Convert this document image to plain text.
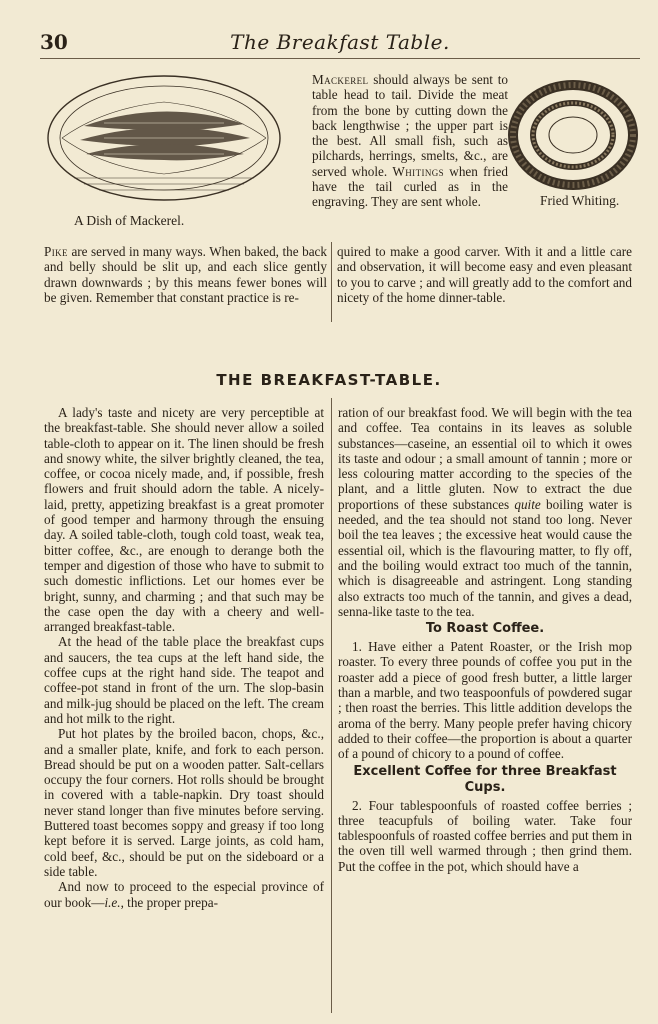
30	The Breakfast Table.
A Dish of Mackerel.
Fried Whiting.
Mackerel should always be sent to table head to tail. Divide the meat from the bone by cutting down the back lengthwise ; the upper part is the best. All small fish, such as pilchards, herrings, smelts, &c., are served whole. Whitings when fried have the tail curled as in the engraving. They are sent whole.
Pike are served in many ways. When baked, the back and belly should be slit up, and each slice gently drawn downwards ; by this means fewer bones will be given. Remember that constant practice is re-
quired to make a good carver. With it and a little care and observation, it will become easy and even pleasant to you to carve ; and will greatly add to the comfort and nicety of the home dinner-table.
THE BREAKFAST-TABLE.

A lady's taste and nicety are very perceptible at the breakfast-table. She should never allow a soiled table-cloth to appear on it. The linen should be fresh and snowy white, the silver brightly cleaned, the tea, coffee, or cocoa nicely made, and, if possible, fresh flowers and fruit should adorn the table. A nicely-laid, pretty, appetizing breakfast is a great promoter of good temper and harmony through the ensuing day. A soiled table-cloth, tough cold toast, weak tea, bitter coffee, &c., are enough to derange both the temper and digestion of those who have to submit to such domestic inflictions. Let our homes ever be bright, sunny, and charming ; and that such may be the case open the day with a cheery and well-arranged breakfast-table.

At the head of the table place the breakfast cups and saucers, the tea cups at the left hand side, the coffee cups at the right hand side. The teapot and coffee-pot stand in front of the urn. The slop-basin and milk-jug should be placed on the left. The cream and hot milk to the right.

Put hot plates by the broiled bacon, chops, &c., and a smaller plate, knife, and fork to each person. Bread should be put on a wooden patter. Salt-cellars occupy the four corners. Hot rolls should be brought in covered with a table-napkin. Dry toast should never stand longer than five minutes before serving. Buttered toast becomes soppy and greasy if too long kept before it is served. Large joints, as cold ham, cold beef, &c., should be put on the sideboard or a side table.

And now to proceed to the especial province of our book—i.e., the proper prepa-

ration of our breakfast food. We will begin with the tea and coffee. Tea contains in its leaves as soluble substances—caseine, an essential oil to which it owes its taste and odour ; a small amount of tannin ; more or less colouring matter according to the species of the plant, and a little gluten. Now to extract the due proportions of these substances quite boiling water is needed, and the tea should not stand too long. Never boil the tea leaves ; the excessive heat would cause the essential oil, which is the flavouring matter, to fly off, and the boiling would extract too much of the tannin, which is disagreeable and astringent. Long standing also extracts too much of the tannin, and gives a dead, senna-like taste to the tea.

To Roast Coffee.

1. Have either a Patent Roaster, or the Irish mop roaster. To every three pounds of coffee you put in the roaster add a piece of good fresh butter, a little larger than a marble, and two teaspoonfuls of powdered sugar ; then roast the berries. This little addition develops the aroma of the berry. Many people prefer having chicory added to their coffee—the proportion is about a quarter of a pound of chicory to a pound of coffee.

Excellent Coffee for three Breakfast Cups.

2. Four tablespoonfuls of roasted coffee berries ; three teacupfuls of boiling water. Take four tablespoonfuls of roasted coffee berries and put them in the oven till well warmed through ; then grind them. Put the coffee in the pot, which should have a
